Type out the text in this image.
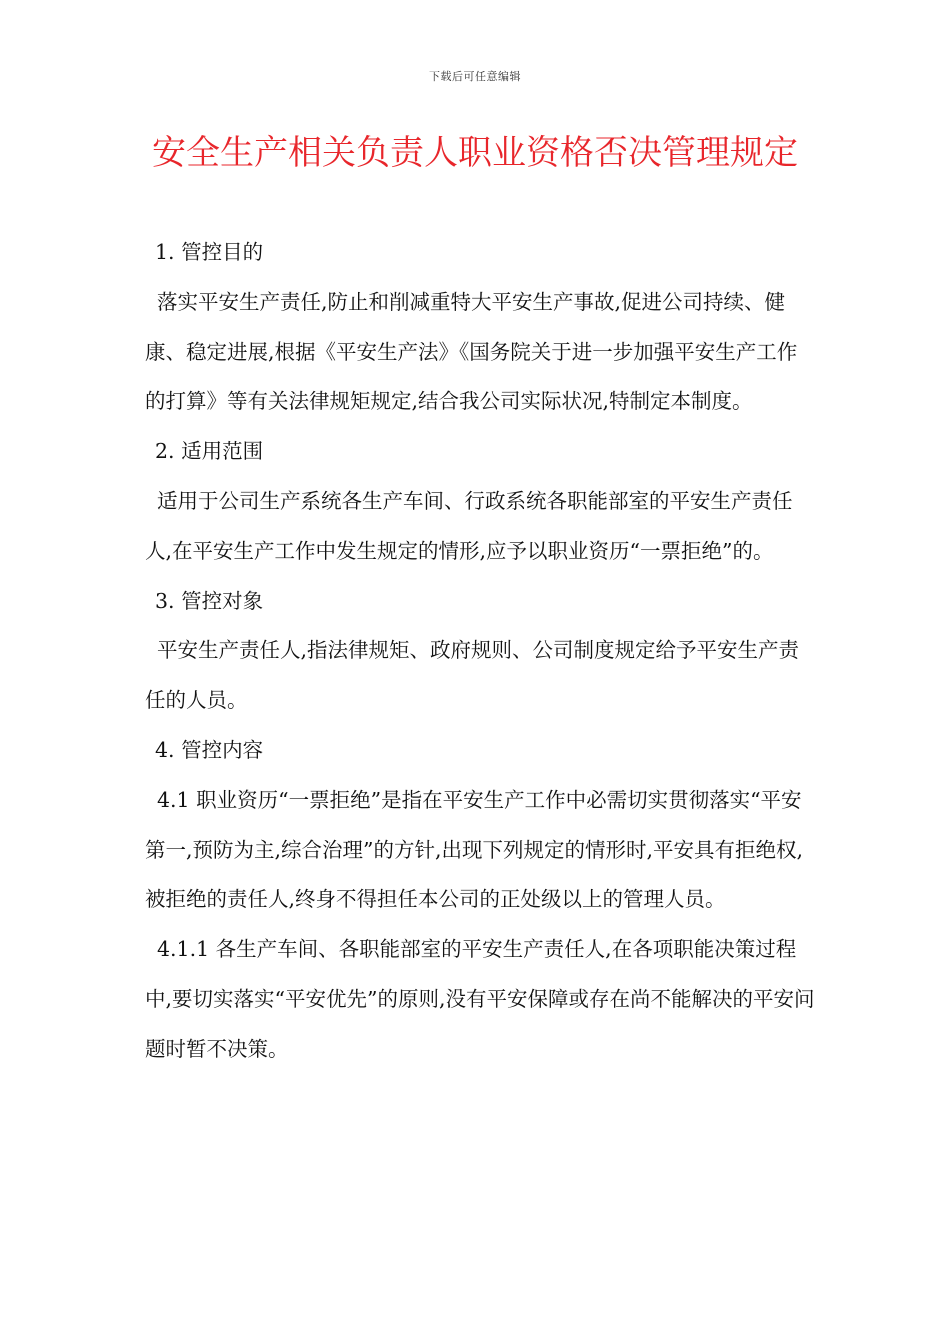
下载后可任意编辑
安全生产相关负责人职业资格否决管理规定

1. 管控目的

落实平安生产责任,防止和削减重特大平安生产事故,促进公司持续、健康、稳定进展,根据《平安生产法》《国务院关于进一步加强平安生产工作的打算》等有关法律规矩规定,结合我公司实际状况,特制定本制度。

2. 适用范围

适用于公司生产系统各生产车间、行政系统各职能部室的平安生产责任人,在平安生产工作中发生规定的情形,应予以职业资历“一票拒绝”的。

3. 管控对象

平安生产责任人,指法律规矩、政府规则、公司制度规定给予平安生产责任的人员。

4. 管控内容

4.1 职业资历“一票拒绝”是指在平安生产工作中必需切实贯彻落实“平安第一,预防为主,综合治理”的方针,出现下列规定的情形时,平安具有拒绝权,被拒绝的责任人,终身不得担任本公司的正处级以上的管理人员。

4.1.1 各生产车间、各职能部室的平安生产责任人,在各项职能决策过程中,要切实落实“平安优先”的原则,没有平安保障或存在尚不能解决的平安问题时暂不决策。
